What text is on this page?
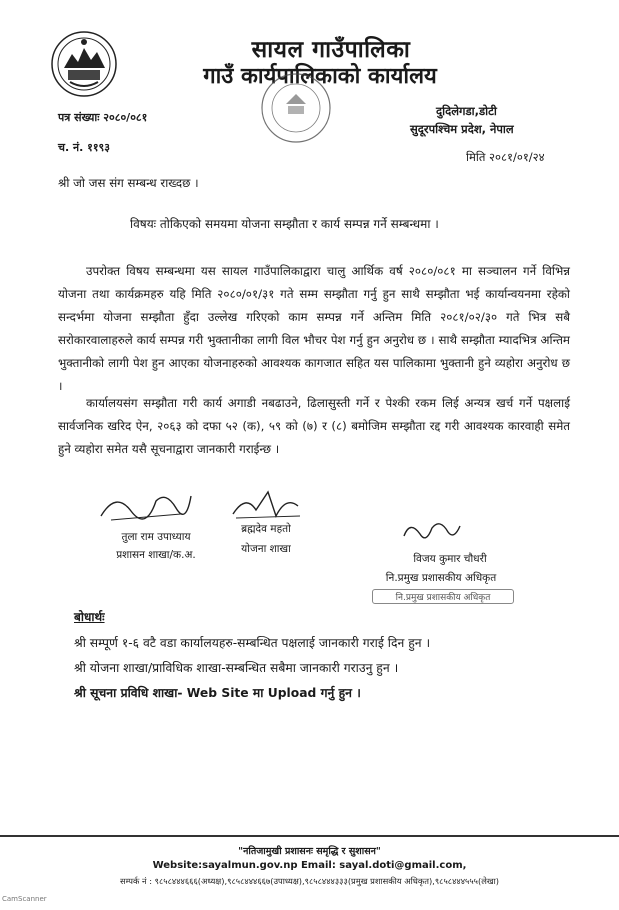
सायल गाउँपालिका
गाउँ कार्यपालिकाको कार्यालय
पत्र संख्याः २०८०/०८१
च. नं. ११९३
दुदिलेगडा,डोटी
सुदूरपश्चिम प्रदेश, नेपाल
मिति २०८१/०१/२४
श्री जो जस संग सम्बन्ध राख्दछ ।
विषयः तोकिएको समयमा योजना सम्झौता र कार्य सम्पन्न गर्ने सम्बन्धमा ।
उपरोक्त विषय सम्बन्धमा यस सायल गाउँपालिकाद्वारा चालु आर्थिक वर्ष २०८०/०८१ मा सञ्चालन गर्ने विभिन्न योजना तथा कार्यक्रमहरु यहि मिति २०८०/०१/३१ गते सम्म सम्झौता गर्नु हुन साथै सम्झौता भई कार्यान्वयनमा रहेको सन्दर्भमा योजना सम्झौता हुँदा उल्लेख गरिएको काम सम्पन्न गर्ने अन्तिम मिति २०८१/०२/३० गते भित्र सबै सरोकारवालाहरुले कार्य सम्पन्न गरी भुक्तानीका लागी विल भौचर पेश गर्नु हुन अनुरोध छ । साथै सम्झौता म्यादभित्र अन्तिम भुक्तानीको लागी पेश हुन आएका योजनाहरुको आवश्यक कागजात सहित यस पालिकामा भुक्तानी हुने व्यहोरा अनुरोध छ ।
कार्यालयसंग सम्झौता गरी कार्य अगाडी नबढाउने, ढिलासुस्ती गर्ने र पेश्की रकम लिई अन्यत्र खर्च गर्ने पक्षलाई सार्वजनिक खरिद ऐन, २०६३ को दफा ५२ (क), ५९ को (७) र (८) बमोजिम सम्झौता रद्द गरी आवश्यक कारवाही समेत हुने व्यहोरा समेत यसै सूचनाद्वारा जानकारी गराईन्छ ।
तुला राम उपाध्याय
प्रशासन शाखा/क.अ.
ब्रह्मदेव महतो
योजना शाखा
विजय कुमार चौधरी
नि.प्रमुख प्रशासकीय अधिकृत
नि.प्रमुख प्रशासकीय अधिकृत
बोधार्थः
श्री सम्पूर्ण १-६ वटै वडा कार्यालयहरु-सम्बन्धित पक्षलाई जानकारी गराई दिन हुन ।
श्री योजना शाखा/प्राविधिक शाखा-सम्बन्धित सबैमा जानकारी गराउनु हुन ।
श्री सूचना प्रविधि शाखा- Web Site मा Upload गर्नु हुन ।
"नतिजामुखी प्रशासनः समृद्धि र सुशासन"
Website:sayalmun.gov.np Email: sayal.doti@gmail.com,
सम्पर्क नं : ९८५८४४४६६६(अध्यक्ष),९८५८४४४६६७(उपाध्यक्ष),९८५८४४४३३३(प्रमुख प्रशासकीय अधिकृत),९८५८४४४५५५(लेखा)
CamScanner
